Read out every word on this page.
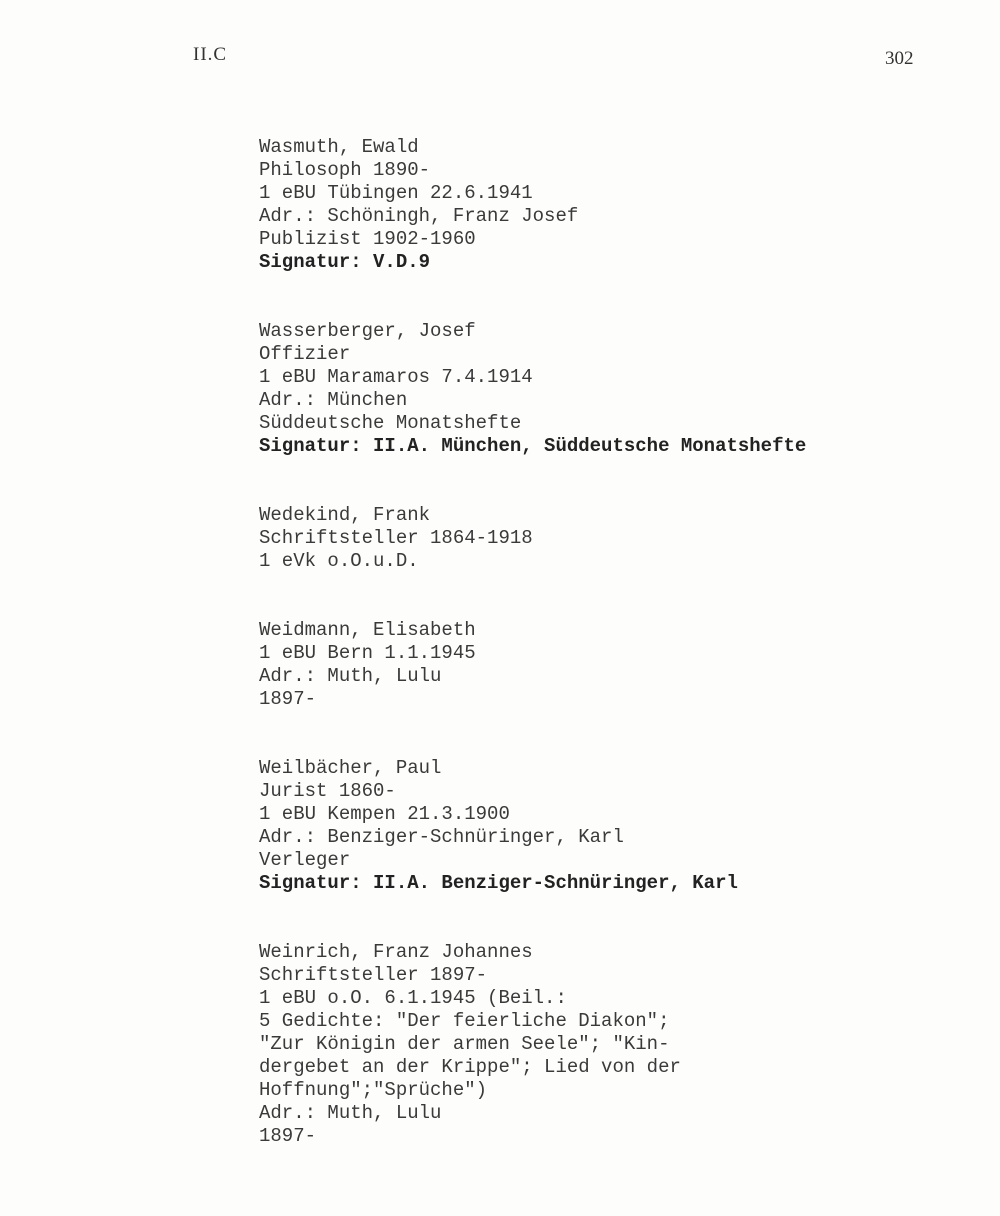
II.C	302
Wasmuth, Ewald
Philosoph 1890-
1 eBU Tübingen 22.6.1941
Adr.: Schöningh, Franz Josef
Publizist 1902-1960
Signatur: V.D.9
Wasserberger, Josef
Offizier
1 eBU Maramaros 7.4.1914
Adr.: München
Süddeutsche Monatshefte
Signatur: II.A. München, Süddeutsche Monatshefte
Wedekind, Frank
Schriftsteller 1864-1918
1 eVk o.O.u.D.
Weidmann, Elisabeth
1 eBU Bern 1.1.1945
Adr.: Muth, Lulu
1897-
Weilbächer, Paul
Jurist 1860-
1 eBU Kempen 21.3.1900
Adr.: Benziger-Schnüringer, Karl
Verleger
Signatur: II.A. Benziger-Schnüringer, Karl
Weinrich, Franz Johannes
Schriftsteller 1897-
1 eBU o.O. 6.1.1945 (Beil.:
5 Gedichte: "Der feierliche Diakon";
"Zur Königin der armen Seele"; "Kin-
dergebet an der Krippe"; Lied von der
Hoffnung";"Sprüche")
Adr.: Muth, Lulu
1897-
